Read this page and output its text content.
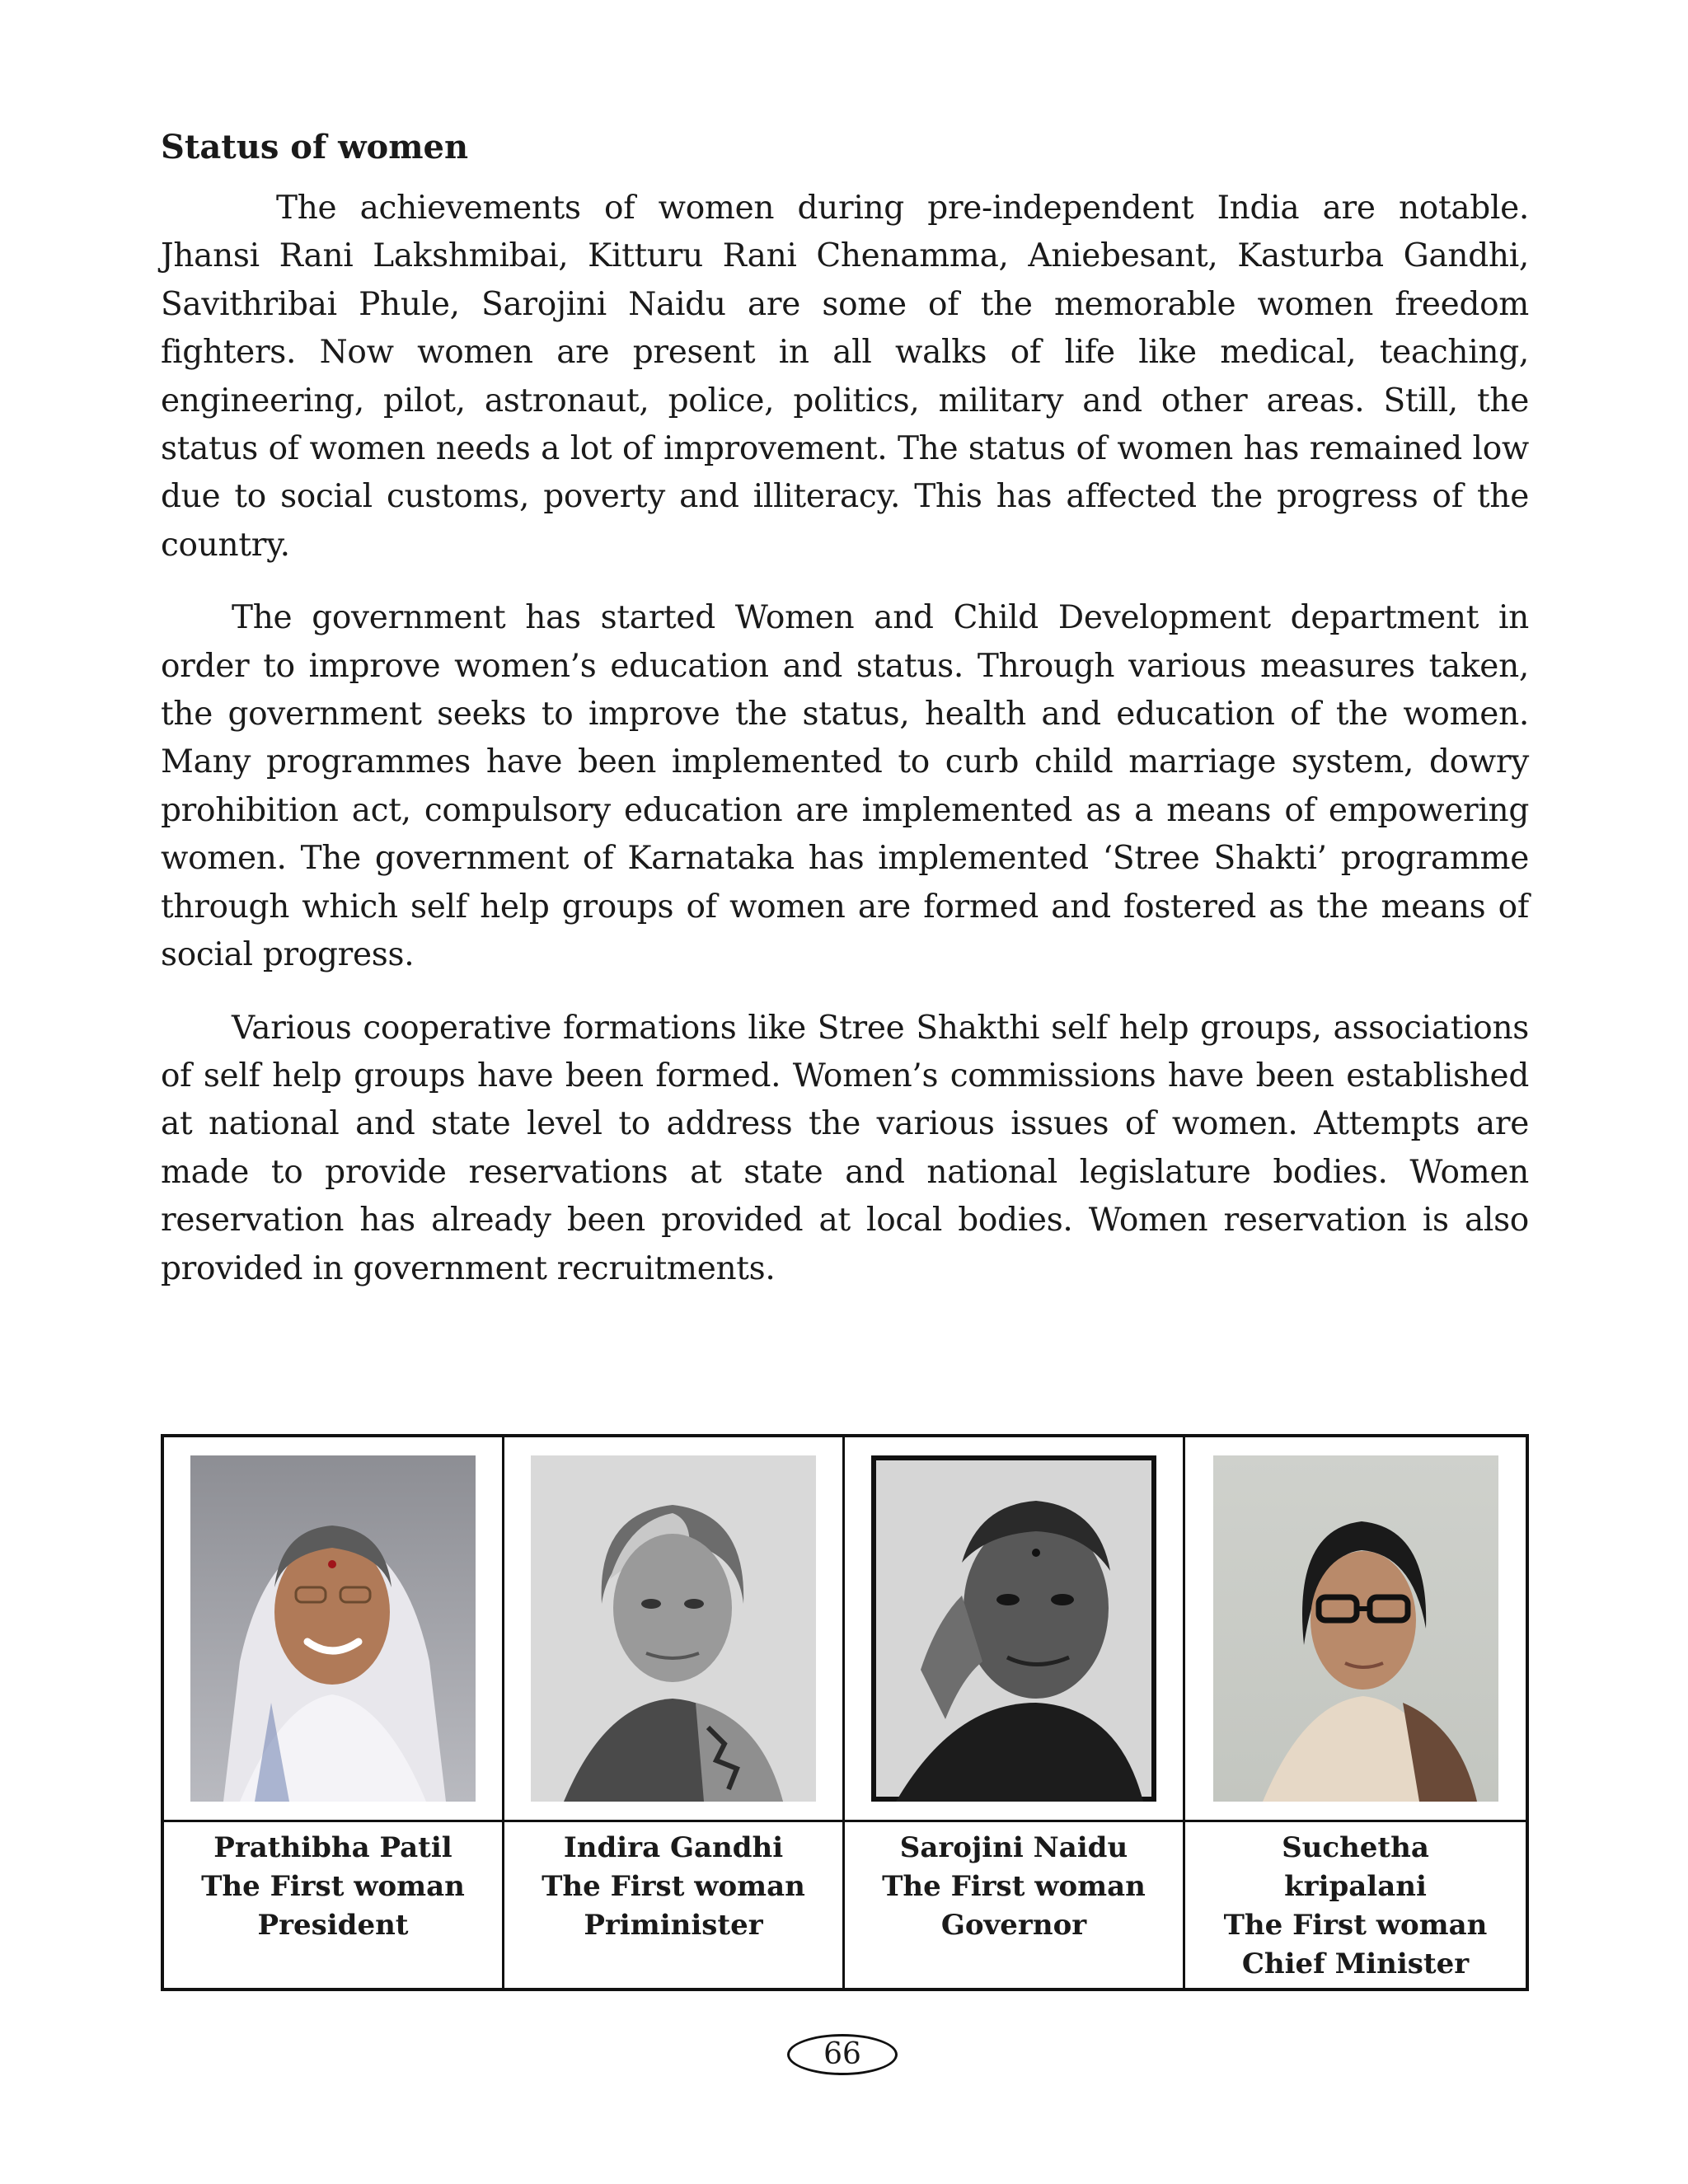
Status of women

The achievements of women during pre-independent India are notable. Jhansi Rani Lakshmibai, Kitturu Rani Chenamma, Aniebesant, Kasturba Gandhi, Savithribai Phule, Sarojini Naidu are some of the memorable women freedom fighters. Now women are present in all walks of life like medical, teaching, engineering, pilot, astronaut, police, politics, military and other areas. Still, the status of women needs a lot of improvement. The status of women has remained low due to social customs, poverty and illiteracy. This has affected the progress of the country.

The government has started Women and Child Development department in order to improve women’s education and status. Through various measures taken, the government seeks to improve the status, health and education of the women. Many programmes have been implemented to curb child marriage system, dowry prohibition act, compulsory education are implemented as a means of empowering women. The government of Karnataka has implemented ‘Stree Shakti’ programme through which self help groups of women are formed and fostered as the means of social progress.

Various cooperative formations like Stree Shakthi self help groups, associations of self help groups have been formed. Women’s commissions have been established at national and state level to address the various issues of women. Attempts are made to provide reservations at state and national legislature bodies. Women reservation has already been provided at local bodies. Women reservation is also provided in government recruitments.

Prathibha Patil
The First woman
President
Indira Gandhi
The First woman
Priminister
Sarojini Naidu
The First woman
Governor
Suchetha
kripalani
The First woman
Chief Minister
66
